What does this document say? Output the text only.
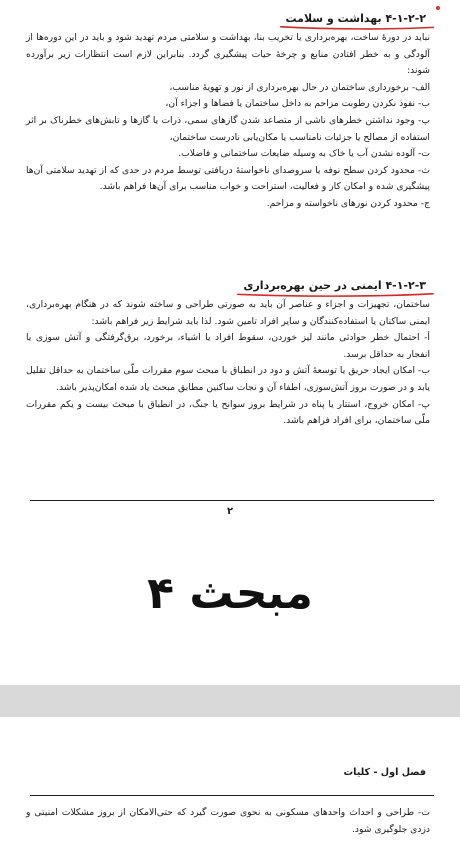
۴-۱-۲-۲ بهداشت و سلامت

نباید در دورهٔ ساخت، بهره‌برداری یا تخریب بنا، بهداشت و سلامتی مردم تهدید شود و باید در این دوره‌ها از آلودگی و به خطر افتادن منابع و چرخهٔ حیات پیشگیری گردد. بنابراین لازم است انتظارات زیر برآورده شوند:

الف- برخورداری ساختمان در حال بهره‌برداری از نور و تهویهٔ مناسب،

ب- نفوذ نکردن رطوبت مزاحم به داخل ساختمان یا فضاها و اجزاء آن،

پ- وجود نداشتن خطرهای ناشی از متصاعد شدن گازهای سمی، ذرات یا گازها و تابش‌های خطرناک بر اثر استفاده از مصالح یا جزئیات نامناسب یا مکان‌یابی نادرست ساختمان،

ت- آلوده نشدن آب یا خاک به وسیله ضایعات ساختمانی و فاضلاب.

ث- محدود کردن سطح نوفه یا سروصدای ناخواستهٔ دریافتی توسط مردم در حدی که از تهدید سلامتی آن‌ها پیشگیری شده و امکان کار و فعالیت، استراحت و خواب مناسب برای آن‌ها فراهم باشد.

ج- محدود کردن نورهای ناخواسته و مزاحم.

۴-۱-۲-۳ ایمنی در حین بهره‌برداری

ساختمان، تجهیزات و اجزاء و عناصر آن باید به صورتی طراحی و ساخته شوند که در هنگام بهره‌برداری، ایمنی ساکنان یا استفاده‌کنندگان و سایر افراد تامین شود. لذا باید شرایط زیر فراهم باشد:

أ- احتمال خطر حوادثی مانند لیز خوردن، سقوط افراد یا اشیاء، برخورد، برق‌گرفتگی و آتش سوزی یا انفجار به حداقل برسد.

ب- امکان ایجاد حریق یا توسعهٔ آتش و دود در انطباق با مبحث سوم مقررات ملّی ساختمان به حداقل تقلیل یابد و در صورت بروز آتش‌سوزی، اطفاء آن و نجات ساکنین مطابق مبحث یاد شده امکان‌پذیر باشد.

پ- امکان خروج، استتار یا پناه در شرایط بروز سوانح یا جنگ، در انطباق با مبحث بیست و یکم مقررات ملّی ساختمان، برای افراد فراهم باشد.

۲
مبحث ۴
فصل اول - کلیات

ت- طراحی و احداث واحدهای مسکونی به نحوی صورت گیرد که حتی‌الامکان از بروز مشکلات امنیتی و دزدی جلوگیری شود.
